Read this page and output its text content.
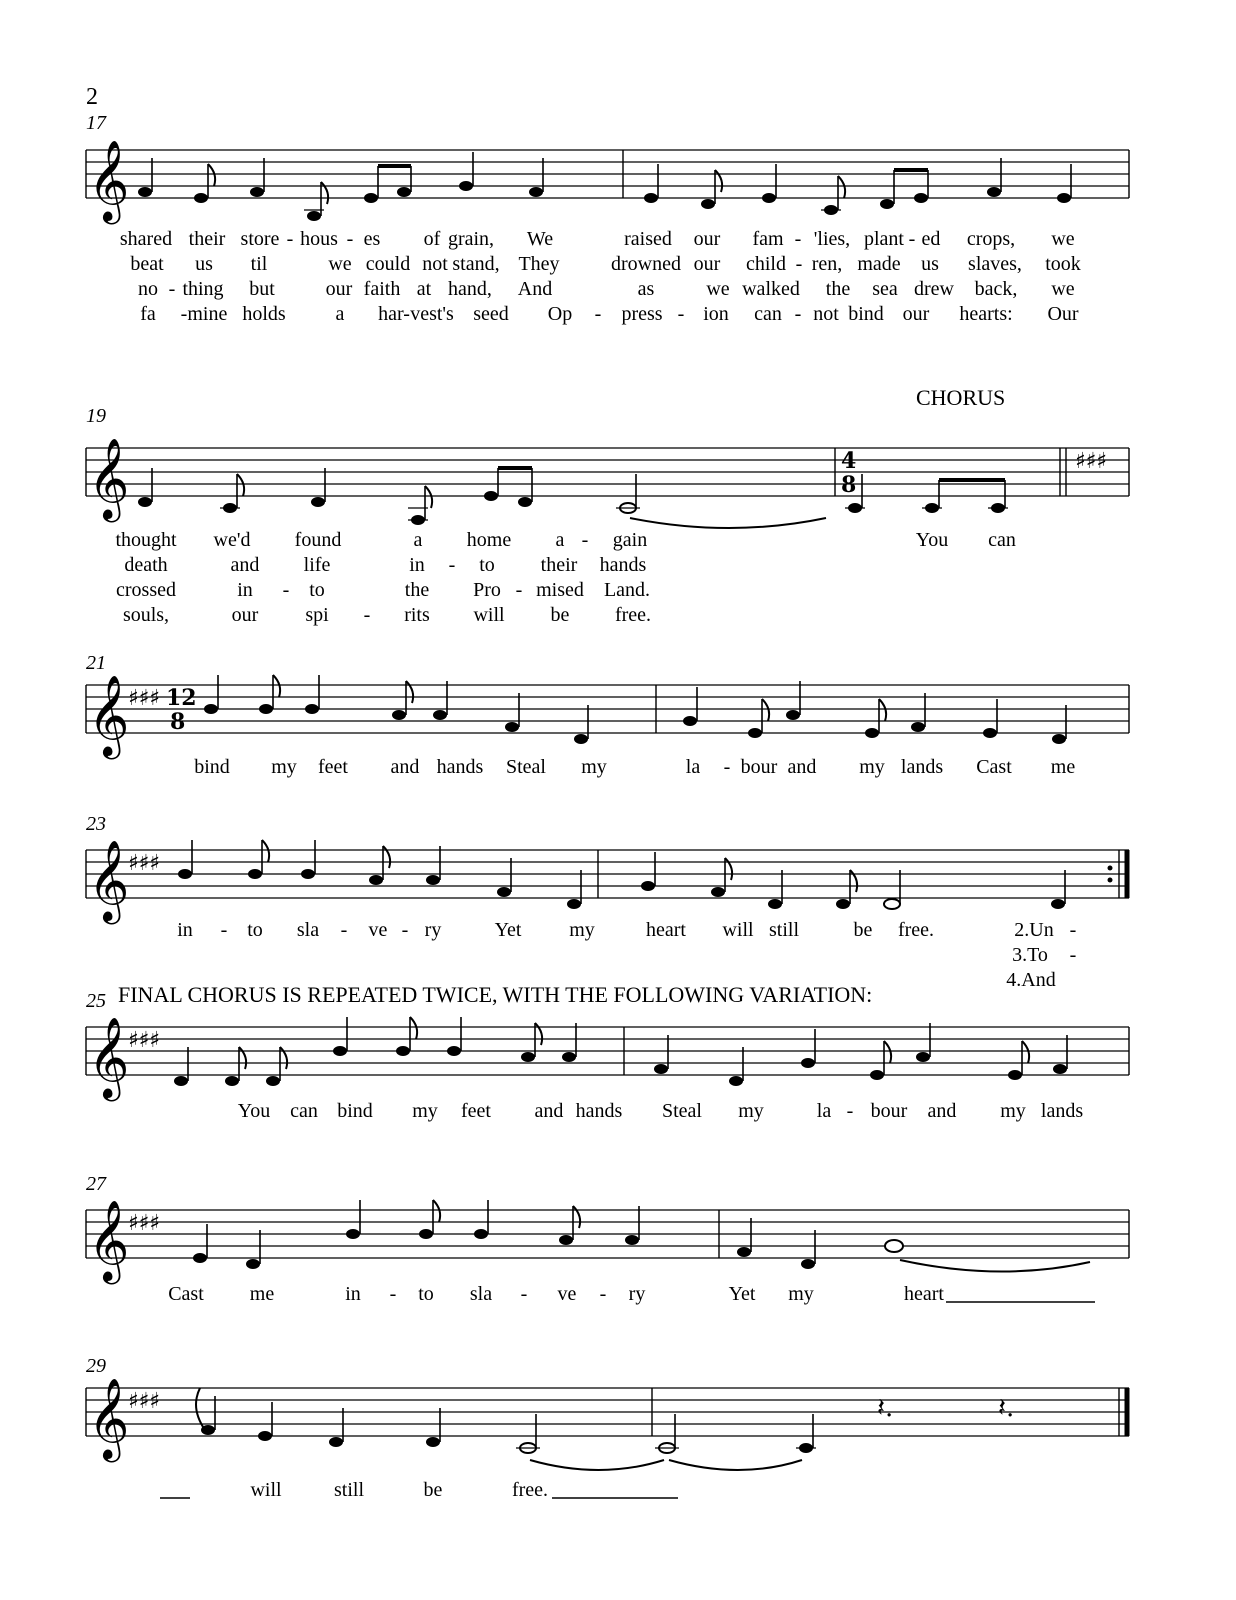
2
17
𝄞
shared their store - hous - es of grain, We	raised our fam - 'lies, plant - ed crops, we
beat us til	we could not stand, They	drowned our child - ren, made us slaves, took
no - thing but	our faith at hand, And	as	we walked the sea drew back, we
fa -mine holds a har- vest's seed Op - press - ion can - not bind our hearts: Our
CHORUS
19
𝄞	4
8
♯♯♯
thought we'd found	a home a - gain	You can
death	and life	in - to their hands
crossed	in - to	the Pro - mised Land.
souls,	our spi - rits will be free.
21
𝄞
♯♯♯ 12
8
bind my feet and hands Steal my	la - bour and my lands Cast me
23
𝄞
♯♯♯
in - to sla - ve - ry	Yet my	heart will still	be free.	2.Un -
3.To -
4.And
FINAL CHORUS IS REPEATED TWICE, WITH THE FOLLOWING VARIATION:
25
𝄞
♯♯♯
You can bind my feet and hands Steal my	la - bour and my lands
27
𝄞
♯♯♯
Cast me	in - to sla - ve - ry	Yet my	heart
29
𝄞
♯♯♯	𝄽.	𝄽.
will	still	be	free.
